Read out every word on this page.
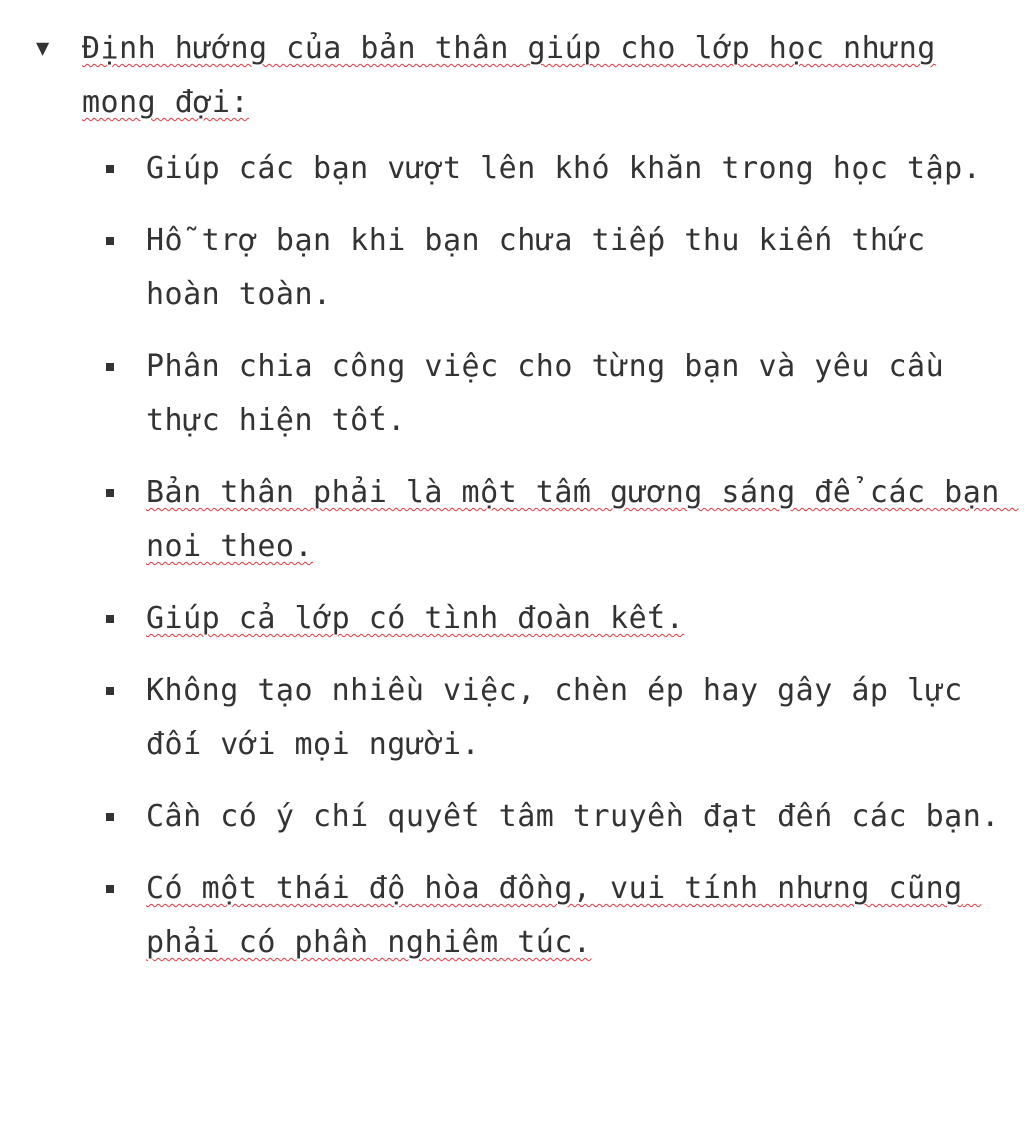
▼	Định hướng của bản thân giúp cho lớp học nhưng mong đợi:

Giúp các bạn vượt lên khó khăn trong học tập.
Hỗ trợ bạn khi bạn chưa tiếp thu kiến thức hoàn toàn.
Phân chia công việc cho từng bạn và yêu cầu thực hiện tốt.
Bản thân phải là một tấm gương sáng để các bạn noi theo.
Giúp cả lớp có tình đoàn kết.
Không tạo nhiều việc, chèn ép hay gây áp lực đối với mọi người.
Cần có ý chí quyết tâm truyền đạt đến các bạn.
Có một thái độ hòa đồng, vui tính nhưng cũng phải có phần nghiêm túc.
